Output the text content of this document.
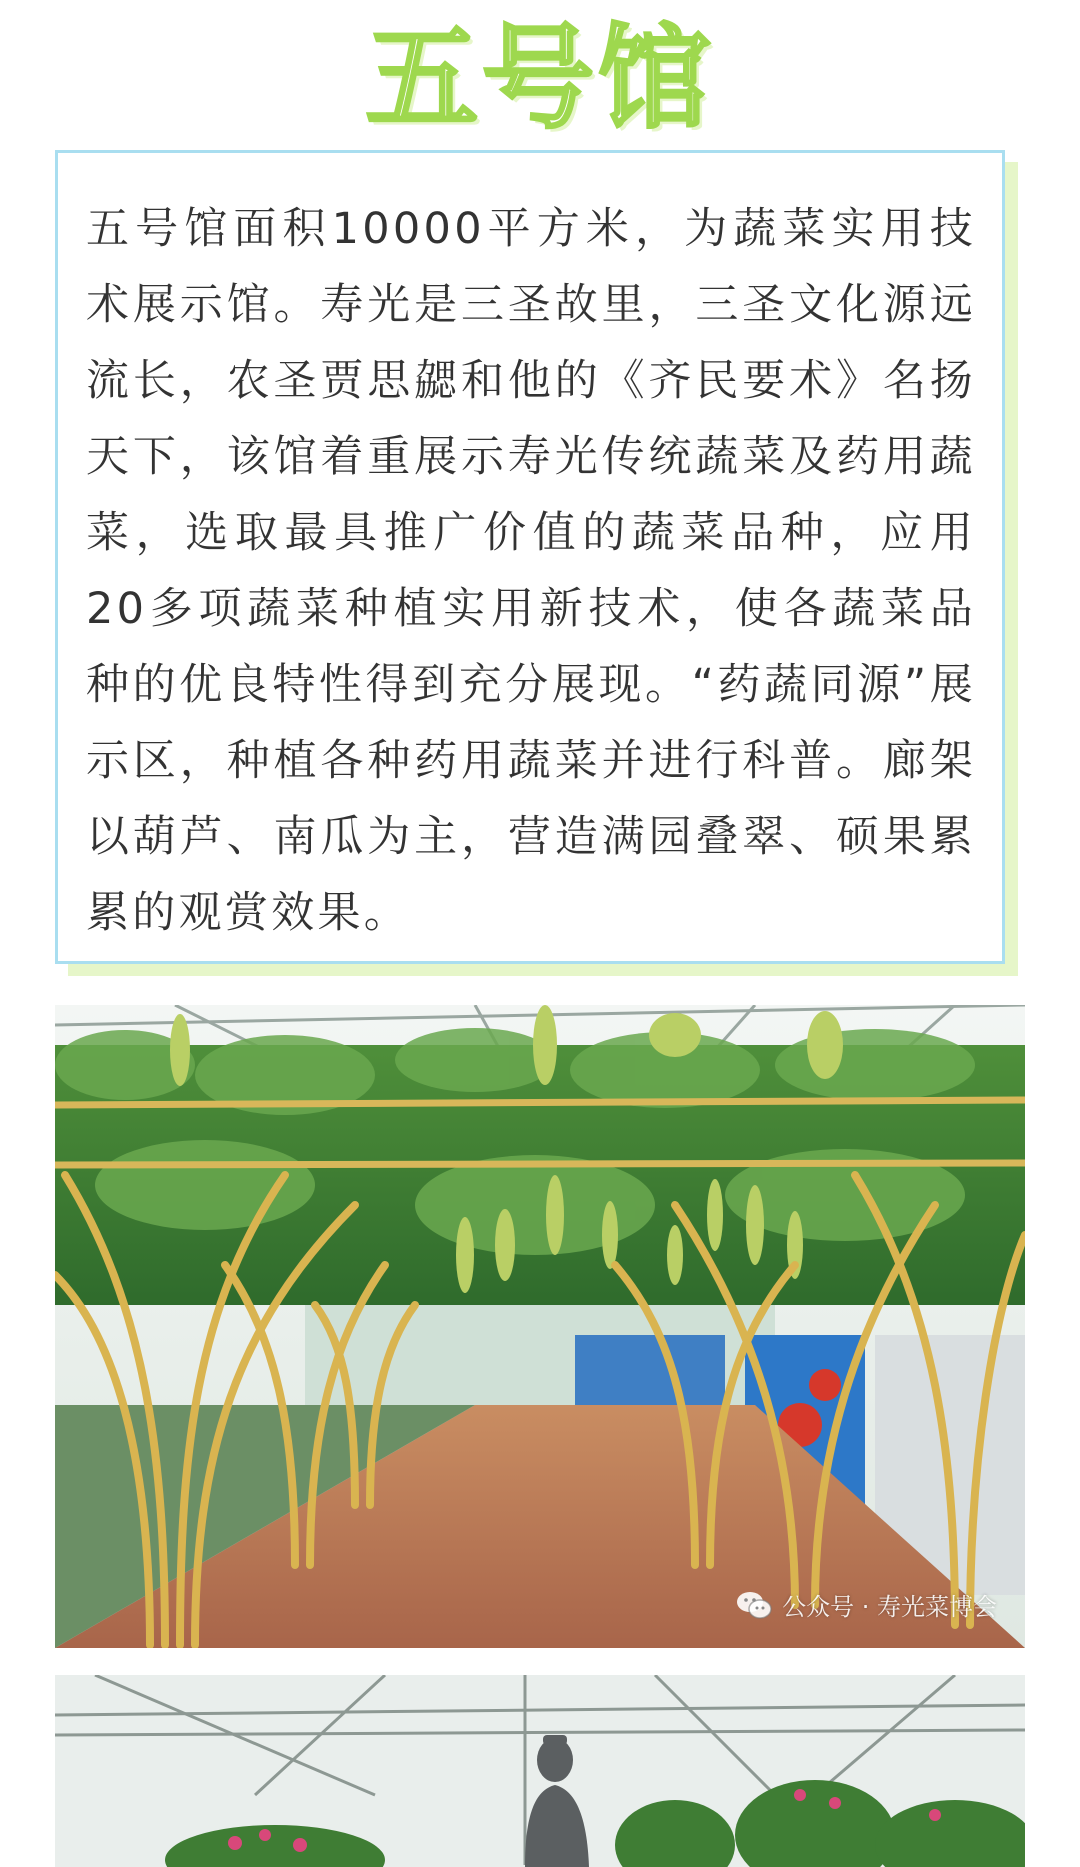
五号馆

五号馆面积10000平方米，为蔬菜实用技术展示馆。寿光是三圣故里，三圣文化源远流长，农圣贾思勰和他的《齐民要术》名扬天下，该馆着重展示寿光传统蔬菜及药用蔬菜，选取最具推广价值的蔬菜品种，应用20多项蔬菜种植实用新技术，使各蔬菜品种的优良特性得到充分展现。“药蔬同源”展示区，种植各种药用蔬菜并进行科普。廊架以葫芦、南瓜为主，营造满园叠翠、硕果累累的观赏效果。

公众号 · 寿光菜博会
